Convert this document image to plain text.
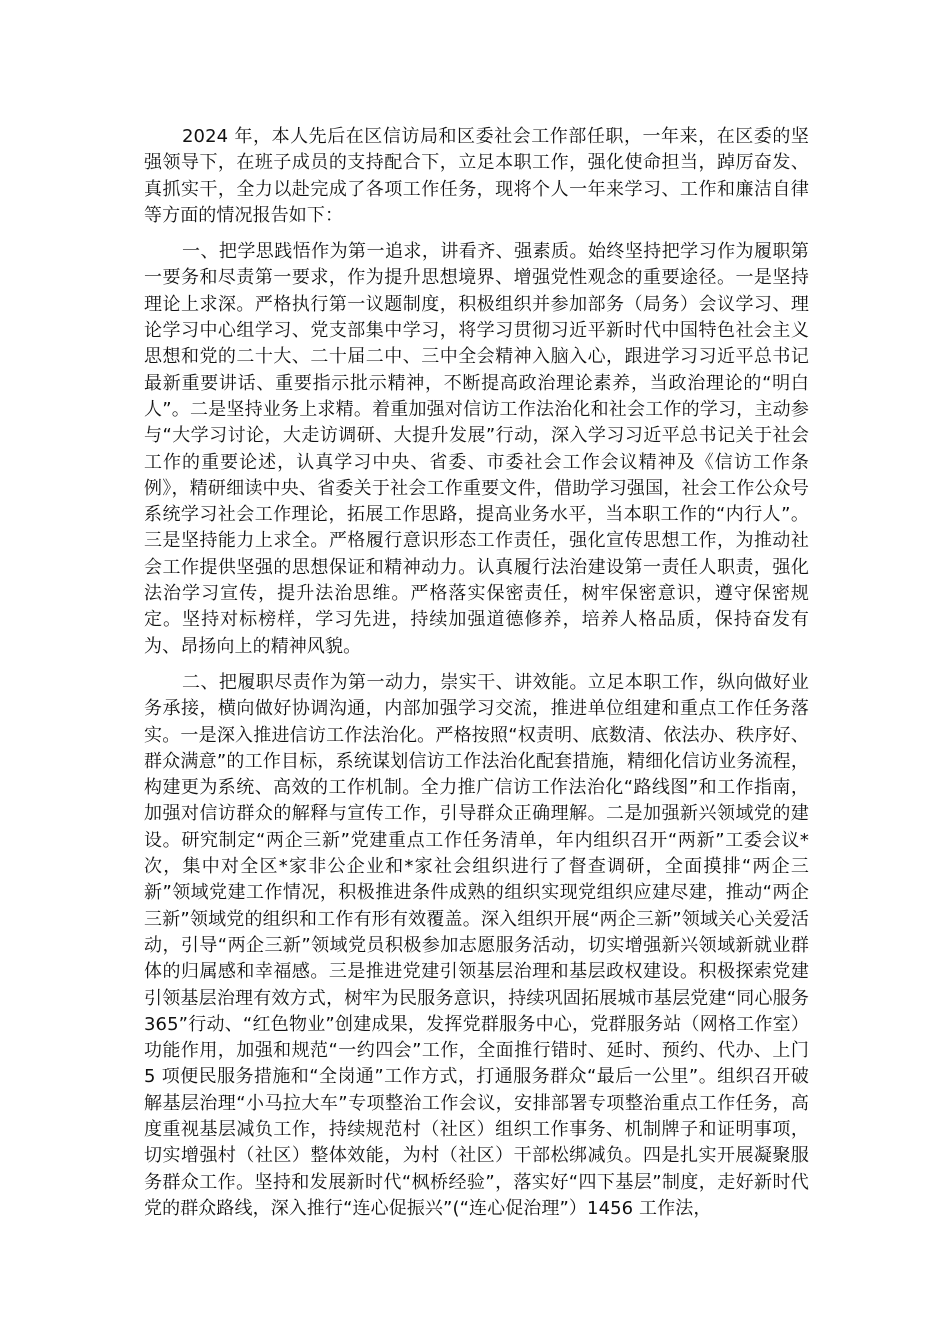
2024 年，本人先后在区信访局和区委社会工作部任职，一年来，在区委的坚强领导下，在班子成员的支持配合下，立足本职工作，强化使命担当，踔厉奋发、真抓实干，全力以赴完成了各项工作任务，现将个人一年来学习、工作和廉洁自律等方面的情况报告如下：

一、把学思践悟作为第一追求，讲看齐、强素质。始终坚持把学习作为履职第一要务和尽责第一要求，作为提升思想境界、增强党性观念的重要途径。一是坚持理论上求深。严格执行第一议题制度，积极组织并参加部务（局务）会议学习、理论学习中心组学习、党支部集中学习，将学习贯彻习近平新时代中国特色社会主义思想和党的二十大、二十届二中、三中全会精神入脑入心，跟进学习习近平总书记最新重要讲话、重要指示批示精神，不断提高政治理论素养，当政治理论的“明白人”。二是坚持业务上求精。着重加强对信访工作法治化和社会工作的学习，主动参与“大学习讨论，大走访调研、大提升发展”行动，深入学习习近平总书记关于社会工作的重要论述，认真学习中央、省委、市委社会工作会议精神及《信访工作条例》，精研细读中央、省委关于社会工作重要文件，借助学习强国，社会工作公众号系统学习社会工作理论，拓展工作思路，提高业务水平，当本职工作的“内行人”。三是坚持能力上求全。严格履行意识形态工作责任，强化宣传思想工作，为推动社会工作提供坚强的思想保证和精神动力。认真履行法治建设第一责任人职责，强化法治学习宣传，提升法治思维。严格落实保密责任，树牢保密意识，遵守保密规定。坚持对标榜样，学习先进，持续加强道德修养，培养人格品质，保持奋发有为、昂扬向上的精神风貌。

二、把履职尽责作为第一动力，崇实干、讲效能。立足本职工作，纵向做好业务承接，横向做好协调沟通，内部加强学习交流，推进单位组建和重点工作任务落实。一是深入推进信访工作法治化。严格按照“权责明、底数清、依法办、秩序好、群众满意”的工作目标，系统谋划信访工作法治化配套措施，精细化信访业务流程，构建更为系统、高效的工作机制。全力推广信访工作法治化“路线图”和工作指南，加强对信访群众的解释与宣传工作，引导群众正确理解。二是加强新兴领域党的建设。研究制定“两企三新”党建重点工作任务清单，年内组织召开“两新”工委会议*次，集中对全区*家非公企业和*家社会组织进行了督查调研，全面摸排“两企三新”领域党建工作情况，积极推进条件成熟的组织实现党组织应建尽建，推动“两企三新”领域党的组织和工作有形有效覆盖。深入组织开展“两企三新”领域关心关爱活动，引导“两企三新”领域党员积极参加志愿服务活动，切实增强新兴领域新就业群体的归属感和幸福感。三是推进党建引领基层治理和基层政权建设。积极探索党建引领基层治理有效方式，树牢为民服务意识，持续巩固拓展城市基层党建“同心服务 365”行动、“红色物业”创建成果，发挥党群服务中心，党群服务站（网格工作室）功能作用，加强和规范“一约四会”工作，全面推行错时、延时、预约、代办、上门 5 项便民服务措施和“全岗通”工作方式，打通服务群众“最后一公里”。组织召开破解基层治理“小马拉大车”专项整治工作会议，安排部署专项整治重点工作任务，高度重视基层减负工作，持续规范村（社区）组织工作事务、机制牌子和证明事项，切实增强村（社区）整体效能，为村（社区）干部松绑减负。四是扎实开展凝聚服务群众工作。坚持和发展新时代“枫桥经验”，落实好“四下基层”制度，走好新时代党的群众路线，深入推行“连心促振兴”(“连心促治理”）1456 工作法，
